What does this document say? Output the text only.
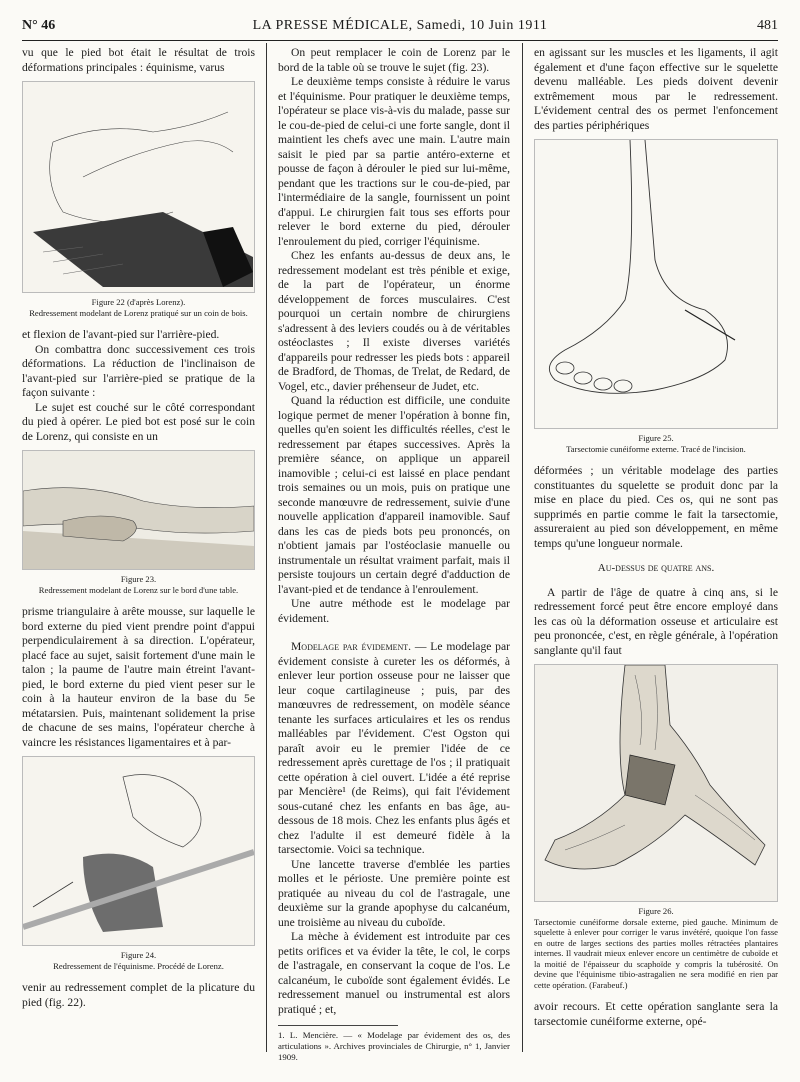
N° 46	LA PRESSE MÉDICALE, Samedi, 10 Juin 1911	481

vu que le pied bot était le résultat de trois déformations principales : équinisme, varus

Figure 22 (d'après Lorenz).
Redressement modelant de Lorenz pratiqué sur un coin de bois.

et flexion de l'avant-pied sur l'arrière-pied.

On combattra donc successivement ces trois déformations. La réduction de l'inclinaison de l'avant-pied sur l'arrière-pied se pratique de la façon suivante :

Le sujet est couché sur le côté correspondant du pied à opérer. Le pied bot est posé sur le coin de Lorenz, qui consiste en un

Figure 23.
Redressement modelant de Lorenz sur le bord d'une table.

prisme triangulaire à arête mousse, sur laquelle le bord externe du pied vient prendre point d'appui perpendiculairement à sa direction. L'opérateur, placé face au sujet, saisit fortement d'une main le talon ; la paume de l'autre main étreint l'avant-pied, le bord externe du pied vient peser sur le coin à la hauteur environ de la base du 5e métatarsien. Puis, maintenant solidement la prise de chacune de ses mains, l'opérateur cherche à vaincre les résistances ligamentaires et à par-

Figure 24.
Redressement de l'équinisme. Procédé de Lorenz.

venir au redressement complet de la plicature du pied (fig. 22).

On peut remplacer le coin de Lorenz par le bord de la table où se trouve le sujet (fig. 23).

Le deuxième temps consiste à réduire le varus et l'équinisme. Pour pratiquer le deuxième temps, l'opérateur se place vis-à-vis du malade, passe sur le cou-de-pied de celui-ci une forte sangle, dont il maintient les chefs avec une main. L'autre main saisit le pied par sa partie antéro-externe et pousse de façon à dérouler le pied sur lui-même, pendant que les tractions sur le cou-de-pied, par l'intermédiaire de la sangle, fournissent un point d'appui. Le chirurgien fait tous ses efforts pour relever le bord externe du pied, dérouler l'enroulement du pied, corriger l'équinisme.

Chez les enfants au-dessus de deux ans, le redressement modelant est très pénible et exige, de la part de l'opérateur, un énorme développement de forces musculaires. C'est pourquoi un certain nombre de chirurgiens s'adressent à des leviers coudés ou à de véritables ostéoclastes ; Il existe diverses variétés d'appareils pour redresser les pieds bots : appareil de Bradford, de Thomas, de Trelat, de Redard, de Vogel, etc., davier préhenseur de Judet, etc.

Quand la réduction est difficile, une conduite logique permet de mener l'opération à bonne fin, quelles qu'en soient les difficultés réelles, c'est le redressement par étapes successives. Après la première séance, on applique un appareil inamovible ; celui-ci est laissé en place pendant trois semaines ou un mois, puis on pratique une seconde manœuvre de redressement, suivie d'une nouvelle application d'appareil inamovible. Sauf dans les cas de pieds bots peu prononcés, on n'obtient jamais par l'ostéoclasie manuelle ou instrumentale un résultat vraiment parfait, mais il persiste toujours un certain degré d'adduction de l'avant-pied et de tendance à l'enroulement.

Une autre méthode est le modelage par évidement.

Modelage par évidement. — Le modelage par évidement consiste à cureter les os déformés, à enlever leur portion osseuse pour ne laisser que leur coque cartilagineuse ; puis, par des manœuvres de redressement, on modèle séance tenante les surfaces articulaires et les os rendus malléables par l'évidement. C'est Ogston qui paraît avoir eu le premier l'idée de ce redressement après curettage de l'os ; il pratiquait cette opération à ciel ouvert. L'idée a été reprise par Mencière¹ (de Reims), qui fait l'évidement sous-cutané chez les enfants en bas âge, au-dessous de 18 mois. Chez les enfants plus âgés et chez l'adulte il est demeuré fidèle à la tarsectomie. Voici sa technique.

Une lancette traverse d'emblée les parties molles et le périoste. Une première pointe est pratiquée au niveau du col de l'astragale, une deuxième sur la grande apophyse du calcanéum, une troisième au niveau du cuboïde.

La mèche à évidement est introduite par ces petits orifices et va évider la tête, le col, le corps de l'astragale, en conservant la coque de l'os. Le calcanéum, le cuboïde sont également évidés. Le redressement manuel ou instrumental est alors pratiqué ; et,

1. L. Mencière. — « Modelage par évidement des os, des articulations ». Archives provinciales de Chirurgie, n° 1, Janvier 1909.

en agissant sur les muscles et les ligaments, il agit également et d'une façon effective sur le squelette devenu malléable. Les pieds doivent devenir extrêmement mous par le redressement. L'évidement central des os permet l'enfoncement des parties périphériques

Figure 25.
Tarsectomie cunéiforme externe. Tracé de l'incision.

déformées ; un véritable modelage des parties constituantes du squelette se produit donc par la mise en place du pied. Ces os, qui ne sont pas supprimés en partie comme le fait la tarsectomie, assureraient au pied son développement, en même temps qu'une longueur normale.

Au-dessus de quatre ans.

A partir de l'âge de quatre à cinq ans, si le redressement forcé peut être encore employé dans les cas où la déformation osseuse et articulaire est peu prononcée, c'est, en règle générale, à l'opération sanglante qu'il faut

Figure 26.
Tarsectomie cunéiforme dorsale externe, pied gauche. Minimum de squelette à enlever pour corriger le varus invétéré, quoique l'on fasse en outre de larges sections des parties molles rétractées plantaires internes. Il vaudrait mieux enlever encore un centimètre de cuboïde et la moitié de l'épaisseur du scaphoïde y compris la tubérosité. On devine que l'équinisme tibio-astragalien ne sera modifié en rien par cette opération. (Farabeuf.)

avoir recours. Et cette opération sanglante sera la tarsectomie cunéiforme externe, opé-
